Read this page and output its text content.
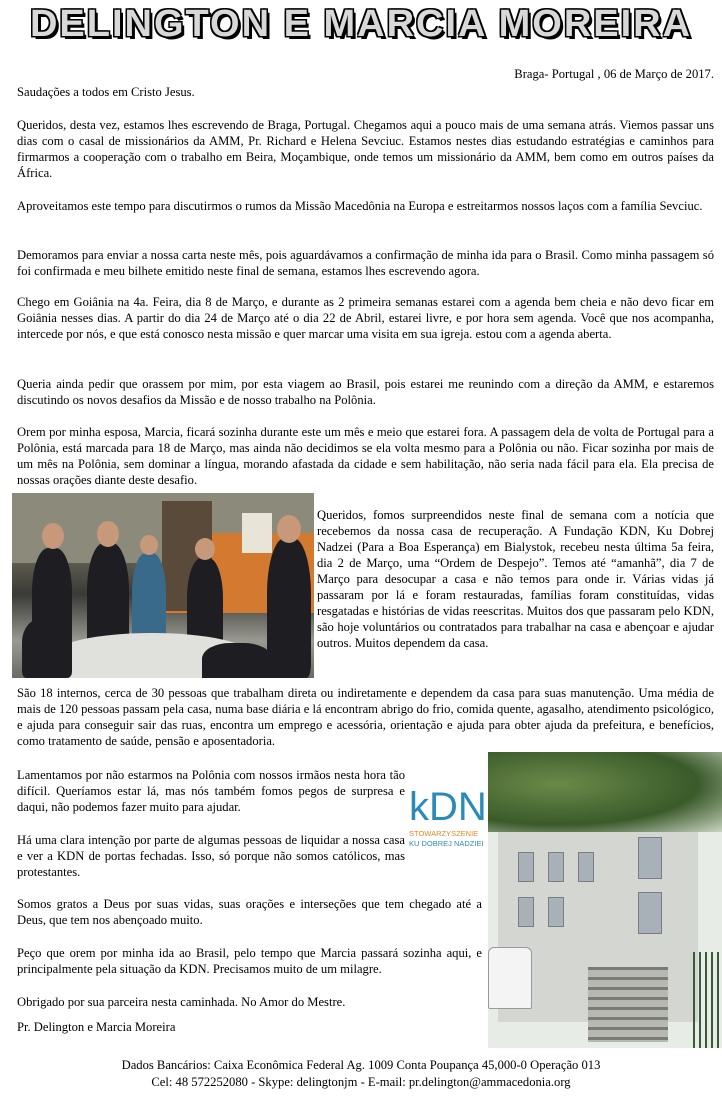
DELINGTON E MARCIA MOREIRA
Braga- Portugal , 06 de Março de 2017.

Saudações a todos em Cristo Jesus.

Queridos, desta vez, estamos lhes escrevendo de Braga, Portugal. Chegamos aqui a pouco mais de uma semana atrás. Viemos passar uns dias com o casal de missionários da AMM, Pr. Richard e Helena Sevciuc. Estamos nestes dias estudando estratégias e caminhos para firmarmos a cooperação com o trabalho em Beira, Moçambique, onde temos um missionário da AMM, bem como em outros países da África.

Aproveitamos este tempo para discutirmos o rumos da Missão Macedônia na Europa e estreitarmos nossos laços com a família Sevciuc.

Demoramos para enviar a nossa carta neste mês, pois aguardávamos a confirmação de minha ida para o Brasil. Como minha passagem só foi confirmada e meu bilhete emitido neste final de semana, estamos lhes escrevendo agora.

Chego em Goiânia na 4a. Feira, dia 8 de Março, e durante as 2 primeira semanas estarei com a agenda bem cheia e não devo ficar em Goiânia nesses dias. A partir do dia 24 de Março até o dia 22 de Abril, estarei livre, e por hora sem agenda. Você que nos acompanha, intercede por nós, e que está conosco nesta missão e quer marcar uma visita em sua igreja. estou com a agenda aberta.

Queria ainda pedir que orassem por mim, por esta viagem ao Brasil, pois estarei me reunindo com a direção da AMM, e estaremos discutindo os novos desafios da Missão e de nosso trabalho na Polônia.

Orem por minha esposa, Marcia, ficará sozinha durante este um mês e meio que estarei fora. A passagem dela de volta de Portugal para a Polônia, está marcada para 18 de Março, mas ainda não decidimos se ela volta mesmo para a Polônia ou não. Ficar sozinha por mais de um mês na Polônia, sem dominar a língua, morando afastada da cidade e sem habilitação, não seria nada fácil para ela. Ela precisa de nossas orações diante deste desafio.

Queridos, fomos surpreendidos neste final de semana com a notícia que recebemos da nossa casa de recuperação. A Fundação KDN, Ku Dobrej Nadzei (Para a Boa Esperança) em Bialystok, recebeu nesta última 5a feira, dia 2 de Março, uma “Ordem de Despejo”. Temos até “amanhã”, dia 7 de Março para desocupar a casa e não temos para onde ir. Várias vidas já passaram por lá e foram restauradas, famílias foram constituídas, vidas resgatadas e histórias de vidas reescritas. Muitos dos que passaram pelo KDN, são hoje voluntários ou contratados para trabalhar na casa e abençoar e ajudar outros. Muitos dependem da casa.

São 18 internos, cerca de 30 pessoas que trabalham direta ou indiretamente e dependem da casa para suas manutenção. Uma média de mais de 120 pessoas passam pela casa, numa base diária e lá encontram abrigo do frio, comida quente, agasalho, atendimento psicológico, e ajuda para conseguir sair das ruas, encontra um emprego e acessória, orientação e ajuda para obter ajuda da prefeitura, e benefícios, como tratamento de saúde, pensão e aposentadoria.

Lamentamos por não estarmos na Polônia com nossos irmãos nesta hora tão difícil. Queríamos estar lá, mas nós também fomos pegos de surpresa e daqui, não podemos fazer muito para ajudar.	kDN
STOWARZYSZENIE
KU DOBREJ NADZIEI

Há uma clara intenção por parte de algumas pessoas de liquidar a nossa casa e ver a KDN de portas fechadas. Isso, só porque não somos católicos, mas protestantes.

Somos gratos a Deus por suas vidas, suas orações e interseções que tem chegado até a Deus, que tem nos abençoado muito.

Peço que orem por minha ida ao Brasil, pelo tempo que Marcia passará sozinha aqui, e principalmente pela situação da KDN. Precisamos muito de um milagre.

Obrigado por sua parceira nesta caminhada. No Amor do Mestre.

Pr. Delington e Marcia Moreira

Dados Bancários: Caixa Econômica Federal Ag. 1009 Conta Poupança 45,000-0 Operação 013
Cel: 48 572252080 - Skype: delingtonjm - E-mail: pr.delington@ammacedonia.org
